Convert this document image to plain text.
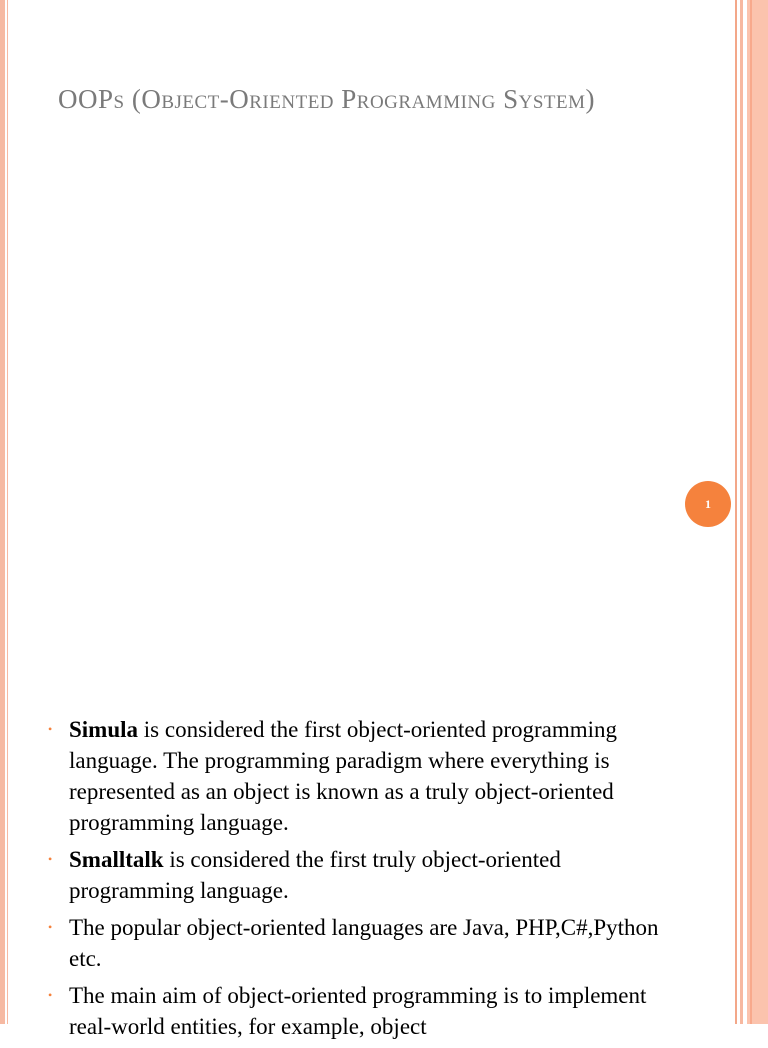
OOPs (Object-Oriented Programming System)
1
• Simula is considered the first object-oriented programming language. The programming paradigm where everything is represented as an object is known as a truly object-oriented programming language.
• Smalltalk is considered the first truly object-oriented programming language.
• The popular object-oriented languages are Java, PHP,C#,Python etc.
• The main aim of object-oriented programming is to implement real-world entities, for example, object
